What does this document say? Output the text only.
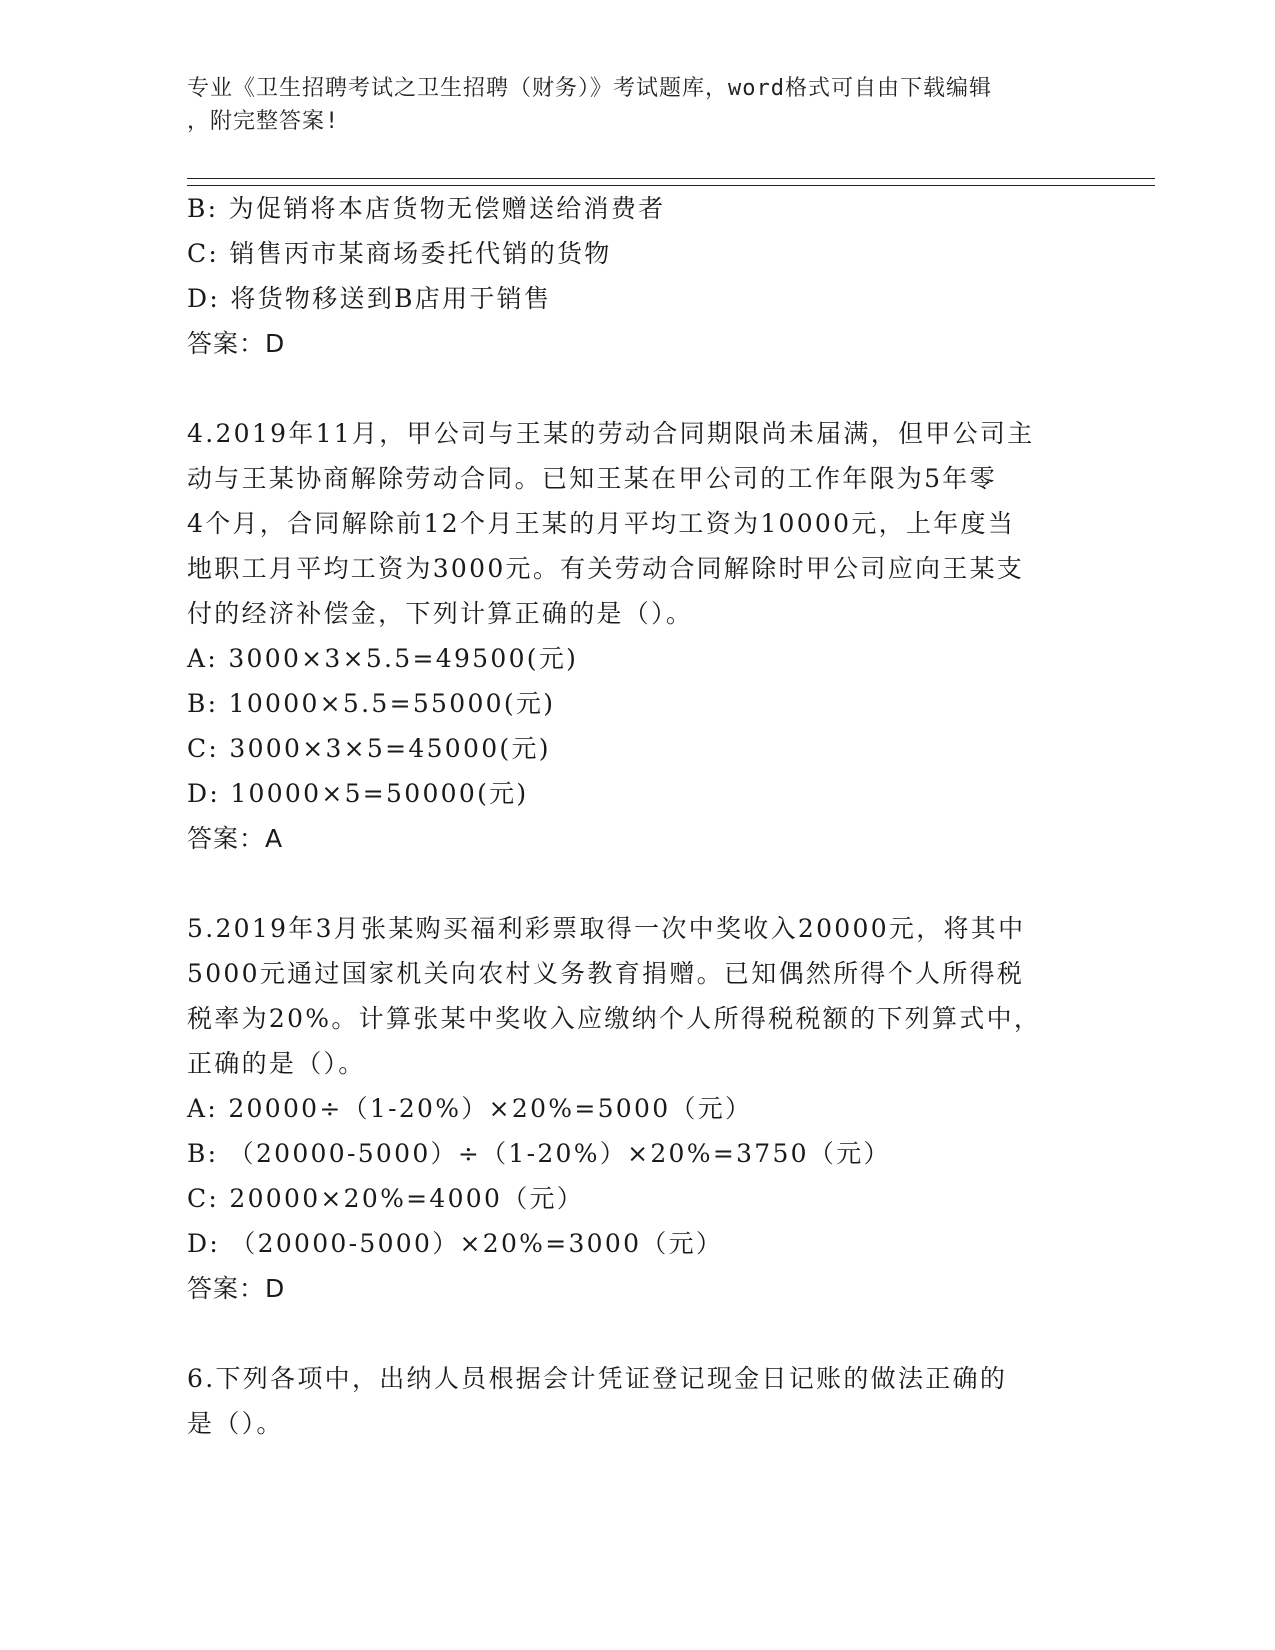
专业《卫生招聘考试之卫生招聘（财务）》考试题库，word格式可自由下载编辑
，附完整答案!
B: 为促销将本店货物无偿赠送给消费者
C: 销售丙市某商场委托代销的货物
D: 将货物移送到B店用于销售
答案：D
4.2019年11月，甲公司与王某的劳动合同期限尚未届满，但甲公司主
动与王某协商解除劳动合同。已知王某在甲公司的工作年限为5年零
4个月，合同解除前12个月王某的月平均工资为10000元，上年度当
地职工月平均工资为3000元。有关劳动合同解除时甲公司应向王某支
付的经济补偿金，下列计算正确的是（）。
A: 3000×3×5.5=49500(元)
B: 10000×5.5=55000(元)
C: 3000×3×5=45000(元)
D: 10000×5=50000(元)
答案：A
5.2019年3月张某购买福利彩票取得一次中奖收入20000元，将其中
5000元通过国家机关向农村义务教育捐赠。已知偶然所得个人所得税
税率为20%。计算张某中奖收入应缴纳个人所得税税额的下列算式中，
正确的是（）。
A: 20000÷（1-20%）×20%=5000（元）
B: （20000-5000）÷（1-20%）×20%=3750（元）
C: 20000×20%=4000（元）
D: （20000-5000）×20%=3000（元）
答案：D
6.下列各项中，出纳人员根据会计凭证登记现金日记账的做法正确的
是（）。
